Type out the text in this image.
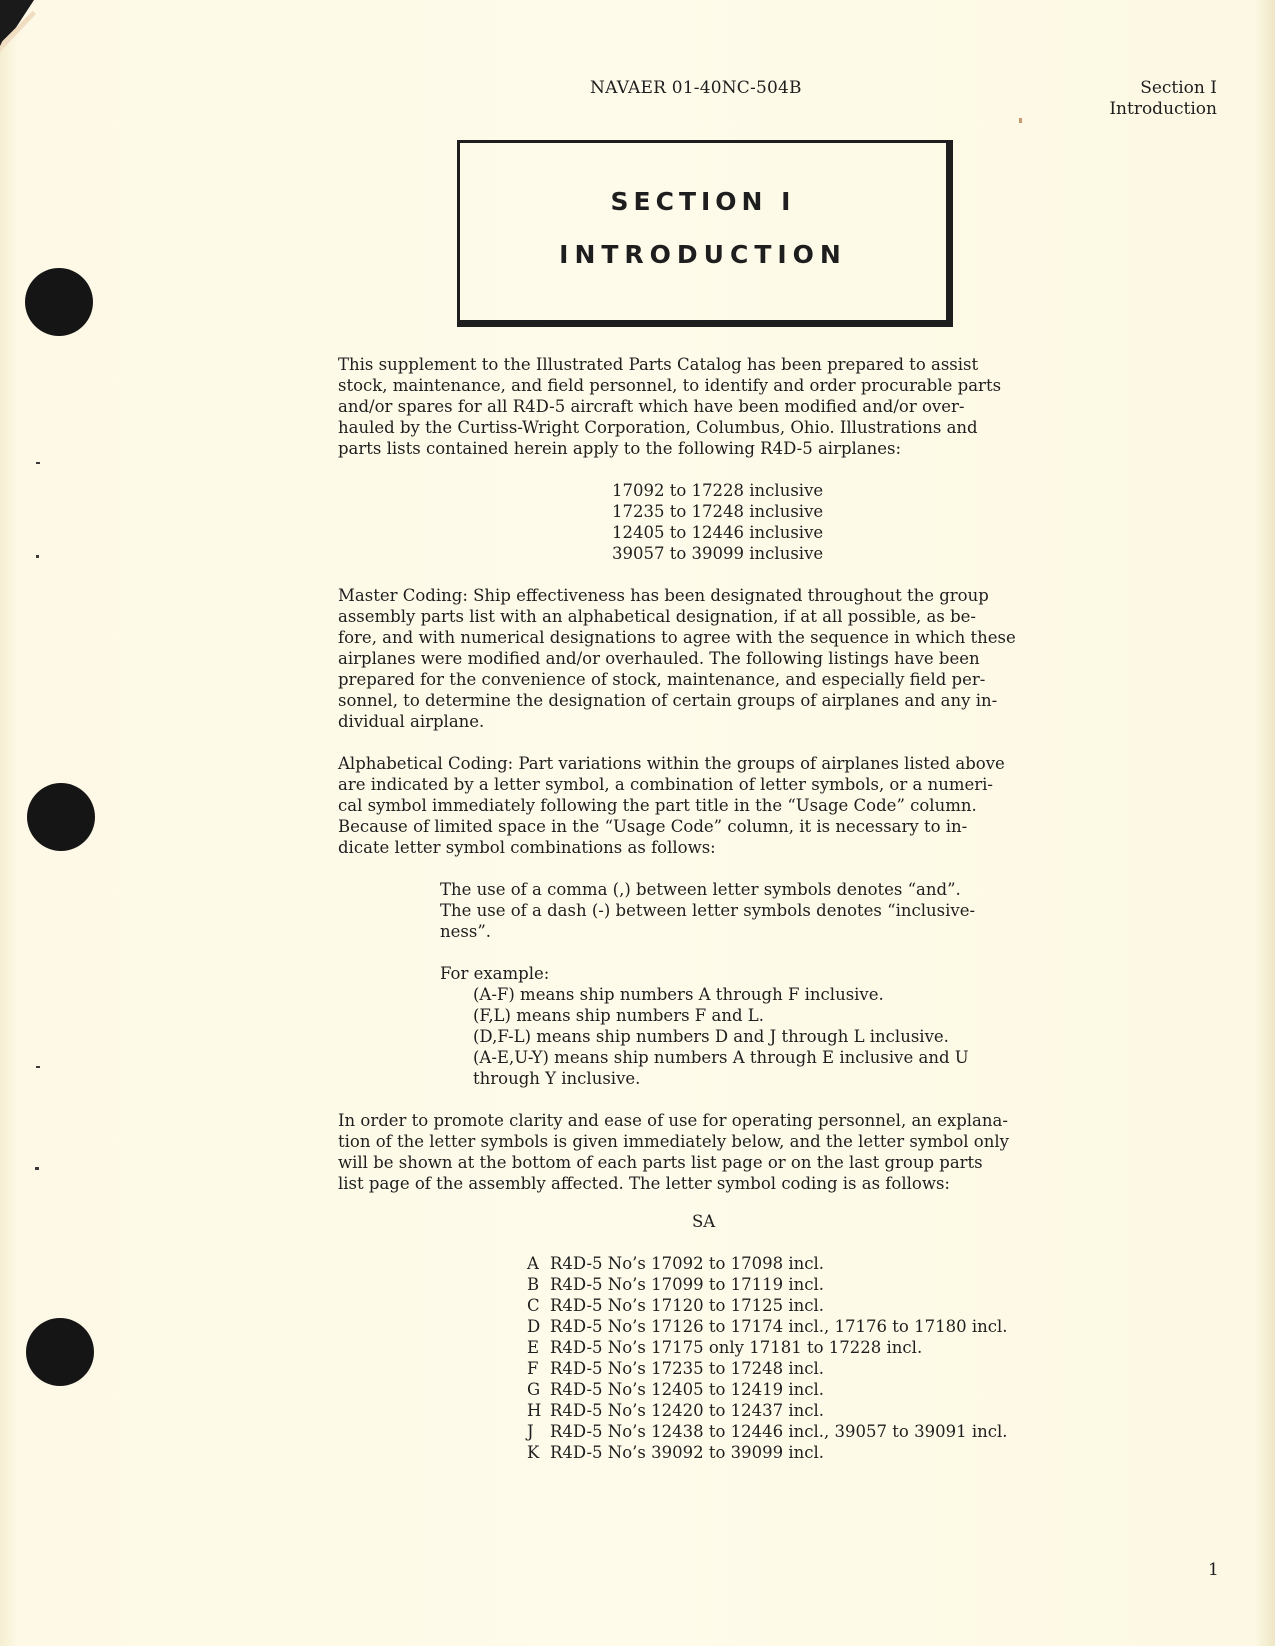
NAVAER 01-40NC-504B	Section I
Introduction
SECTION I
INTRODUCTION

This supplement to the Illustrated Parts Catalog has been prepared to assist

stock, maintenance, and field personnel, to identify and order procurable parts

and/or spares for all R4D-5 aircraft which have been modified and/or over-

hauled by the Curtiss-Wright Corporation, Columbus, Ohio. Illustrations and

parts lists contained herein apply to the following R4D-5 airplanes:

17092 to 17228 inclusive
17235 to 17248 inclusive
12405 to 12446 inclusive
39057 to 39099 inclusive

Master Coding: Ship effectiveness has been designated throughout the group

assembly parts list with an alphabetical designation, if at all possible, as be-

fore, and with numerical designations to agree with the sequence in which these

airplanes were modified and/or overhauled. The following listings have been

prepared for the convenience of stock, maintenance, and especially field per-

sonnel, to determine the designation of certain groups of airplanes and any in-

dividual airplane.

Alphabetical Coding: Part variations within the groups of airplanes listed above

are indicated by a letter symbol, a combination of letter symbols, or a numeri-

cal symbol immediately following the part title in the “Usage Code” column.

Because of limited space in the “Usage Code” column, it is necessary to in-

dicate letter symbol combinations as follows:

The use of a comma (,) between letter symbols denotes “and”.
The use of a dash (-) between letter symbols denotes “inclusive-
ness”.
For example:
(A-F) means ship numbers A through F inclusive.
(F,L) means ship numbers F and L.
(D,F-L) means ship numbers D and J through L inclusive.
(A-E,U-Y) means ship numbers A through E inclusive and U
through Y inclusive.

In order to promote clarity and ease of use for operating personnel, an explana-

tion of the letter symbols is given immediately below, and the letter symbol only

will be shown at the bottom of each parts list page or on the last group parts

list page of the assembly affected. The letter symbol coding is as follows:

SA
A R4D-5 No’s 17092 to 17098 incl.
B R4D-5 No’s 17099 to 17119 incl.
C R4D-5 No’s 17120 to 17125 incl.
D R4D-5 No’s 17126 to 17174 incl., 17176 to 17180 incl.
E R4D-5 No’s 17175 only 17181 to 17228 incl.
F R4D-5 No’s 17235 to 17248 incl.
G R4D-5 No’s 12405 to 12419 incl.
H R4D-5 No’s 12420 to 12437 incl.
J R4D-5 No’s 12438 to 12446 incl., 39057 to 39091 incl.
K R4D-5 No’s 39092 to 39099 incl.
1
